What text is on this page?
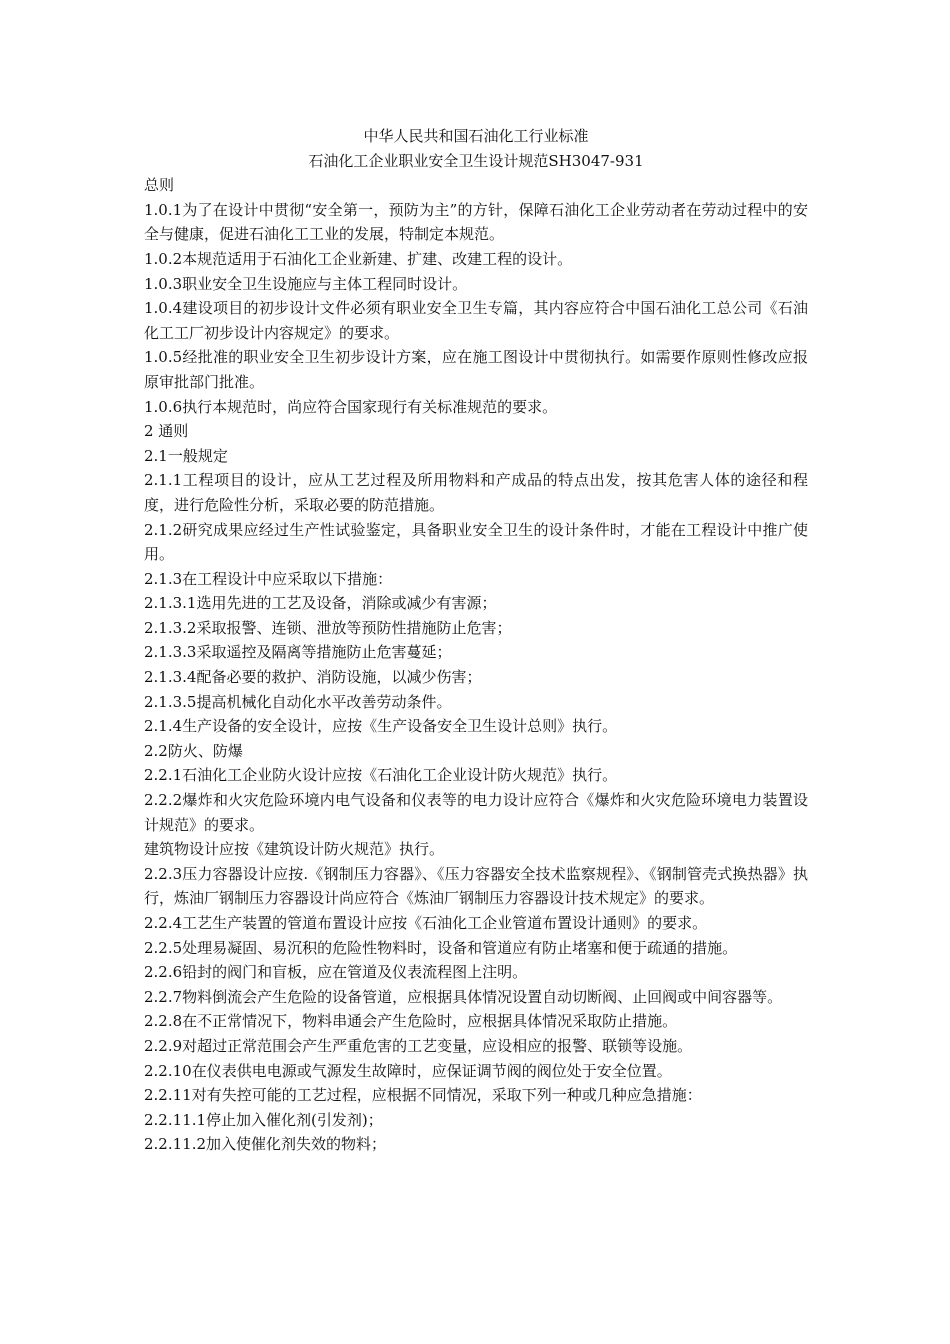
中华人民共和国石油化工行业标准

石油化工企业职业安全卫生设计规范SH3047-931

总则

1.0.1为了在设计中贯彻“安全第一，预防为主”的方针，保障石油化工企业劳动者在劳动过程中的安全与健康，促进石油化工工业的发展，特制定本规范。

1.0.2本规范适用于石油化工企业新建、扩建、改建工程的设计。

1.0.3职业安全卫生设施应与主体工程同时设计。

1.0.4建设项目的初步设计文件必须有职业安全卫生专篇，其内容应符合中国石油化工总公司《石油化工工厂初步设计内容规定》的要求。

1.0.5经批准的职业安全卫生初步设计方案，应在施工图设计中贯彻执行。如需要作原则性修改应报原审批部门批准。

1.0.6执行本规范时，尚应符合国家现行有关标准规范的要求。

2 通则

2.1一般规定

2.1.1工程项目的设计，应从工艺过程及所用物料和产成品的特点出发，按其危害人体的途径和程度，进行危险性分析，采取必要的防范措施。

2.1.2研究成果应经过生产性试验鉴定，具备职业安全卫生的设计条件时，才能在工程设计中推广使用。

2.1.3在工程设计中应采取以下措施：

2.1.3.1选用先进的工艺及设备，消除或减少有害源；

2.1.3.2采取报警、连锁、泄放等预防性措施防止危害；

2.1.3.3采取遥控及隔离等措施防止危害蔓延；

2.1.3.4配备必要的救护、消防设施，以减少伤害；

2.1.3.5提高机械化自动化水平改善劳动条件。

2.1.4生产设备的安全设计，应按《生产设备安全卫生设计总则》执行。

2.2防火、防爆

2.2.1石油化工企业防火设计应按《石油化工企业设计防火规范》执行。

2.2.2爆炸和火灾危险环境内电气设备和仪表等的电力设计应符合《爆炸和火灾危险环境电力装置设计规范》的要求。

建筑物设计应按《建筑设计防火规范》执行。

2.2.3压力容器设计应按.《钢制压力容器》、《压力容器安全技术监察规程》、《钢制管壳式换热器》执行，炼油厂钢制压力容器设计尚应符合《炼油厂钢制压力容器设计技术规定》的要求。

2.2.4工艺生产装置的管道布置设计应按《石油化工企业管道布置设计通则》的要求。

2.2.5处理易凝固、易沉积的危险性物料时，设备和管道应有防止堵塞和便于疏通的措施。

2.2.6铅封的阀门和盲板，应在管道及仪表流程图上注明。

2.2.7物料倒流会产生危险的设备管道，应根据具体情况设置自动切断阀、止回阀或中间容器等。

2.2.8在不正常情况下，物料串通会产生危险时，应根据具体情况采取防止措施。

2.2.9对超过正常范围会产生严重危害的工艺变量，应设相应的报警、联锁等设施。

2.2.10在仪表供电电源或气源发生故障时，应保证调节阀的阀位处于安全位置。

2.2.11对有失控可能的工艺过程，应根据不同情况，采取下列一种或几种应急措施：

2.2.11.1停止加入催化剂(引发剂)；

2.2.11.2加入使催化剂失效的物料；
